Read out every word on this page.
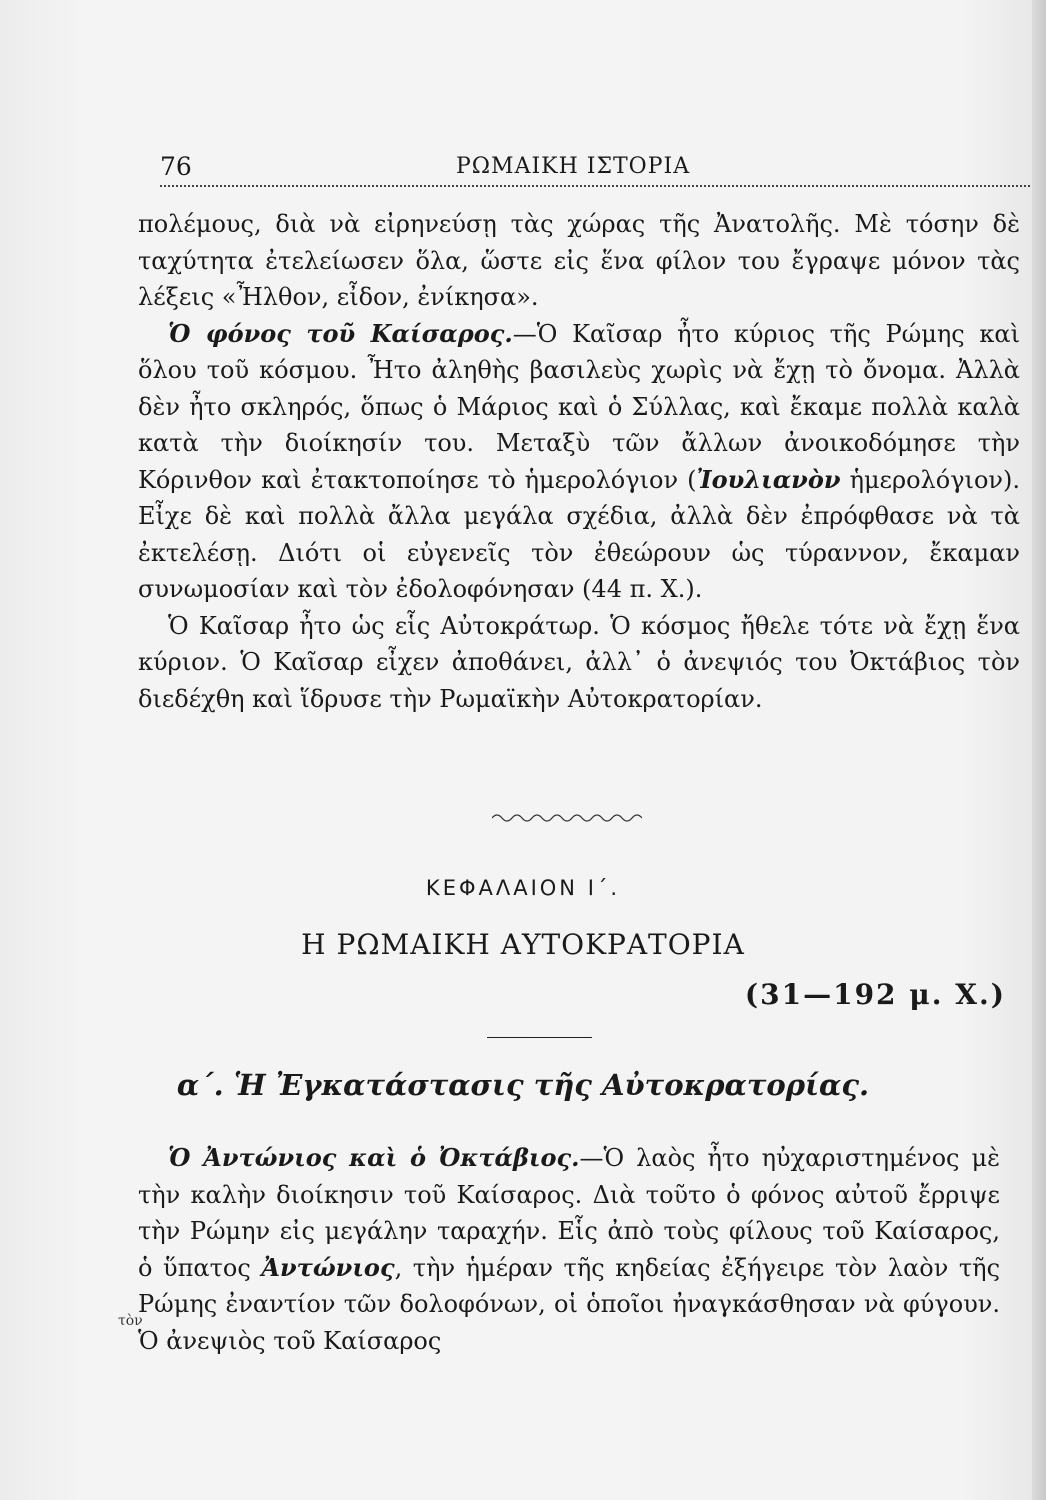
76	ΡΩΜΑΙΚΗ ΙΣΤΟΡΙΑ

πολέμους, διὰ νὰ εἰρηνεύσῃ τὰς χώρας τῆς Ἀνατολῆς. Μὲ τόσην δὲ ταχύτητα ἐτελείωσεν ὅλα, ὥστε εἰς ἕνα φίλον του ἔγραψε μόνον τὰς λέξεις «Ἦλθον, εἶδον, ἐνίκησα».

Ὁ φόνος τοῦ Καίσαρος.—Ὁ Καῖσαρ ἦτο κύριος τῆς Ρώμης καὶ ὅλου τοῦ κόσμου. Ἦτο ἀληθὴς βασιλεὺς χωρὶς νὰ ἔχῃ τὸ ὄνομα. Ἀλλὰ δὲν ἦτο σκληρός, ὅπως ὁ Μάριος καὶ ὁ Σύλλας, καὶ ἔκαμε πολλὰ καλὰ κατὰ τὴν διοίκησίν του. Μεταξὺ τῶν ἄλλων ἀνοικοδόμησε τὴν Κόρινθον καὶ ἐτακτοποίησε τὸ ἡμερολόγιον (Ἰουλιανὸν ἡμερολόγιον). Εἶχε δὲ καὶ πολλὰ ἄλλα μεγάλα σχέδια, ἀλλὰ δὲν ἐπρόφθασε νὰ τὰ ἐκτελέσῃ. Διότι οἱ εὐγενεῖς τὸν ἐθεώρουν ὡς τύραννον, ἔκαμαν συνωμοσίαν καὶ τὸν ἐδολοφόνησαν (44 π. Χ.).

Ὁ Καῖσαρ ἦτο ὡς εἷς Αὐτοκράτωρ. Ὁ κόσμος ἤθελε τότε νὰ ἔχῃ ἕνα κύριον. Ὁ Καῖσαρ εἶχεν ἀποθάνει, ἀλλ᾽ ὁ ἀνεψιός του Ὀκτάβιος τὸν διεδέχθη καὶ ἵδρυσε τὴν Ρωμαϊκὴν Αὐτοκρατορίαν.

ΚΕΦΑΛΑΙΟΝ Ι΄.
Η ΡΩΜΑΙΚΗ ΑΥΤΟΚΡΑΤΟΡΙΑ
(31—192 μ. Χ.)
α΄. Ἡ Ἐγκατάστασις τῆς Αὐτοκρατορίας.

Ὁ Ἀντώνιος καὶ ὁ Ὀκτάβιος.—Ὁ λαὸς ἦτο ηὐχαριστημένος μὲ τὴν καλὴν διοίκησιν τοῦ Καίσαρος. Διὰ τοῦτο ὁ φόνος αὐτοῦ ἔρριψε τὴν Ρώμην εἰς μεγάλην ταραχήν. Εἷς ἀπὸ τοὺς φίλους τοῦ Καίσαρος, ὁ ὕπατος Ἀντώνιος, τὴν ἡμέραν τῆς κηδείας ἐξήγειρε τὸν λαὸν τῆς Ρώμης ἐναντίον τῶν δολοφόνων, οἱ ὁποῖοι ἠναγκάσθησαν νὰ φύγουν. Ὁ ἀνεψιὸς τοῦ Καίσαρος

τὸν
